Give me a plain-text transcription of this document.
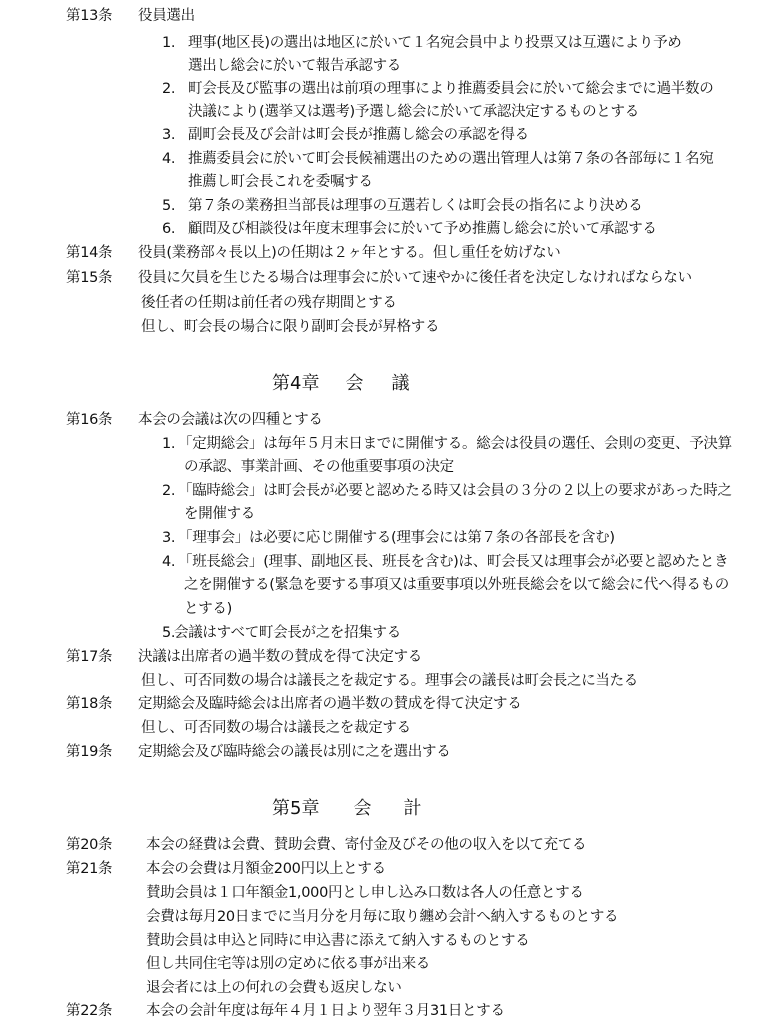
第13条 役員選出
1. 理事(地区長)の選出は地区に於いて１名宛会員中より投票又は互選により予め
選出し総会に於いて報告承認する
2. 町会長及び監事の選出は前項の理事により推薦委員会に於いて総会までに過半数の
決議により(選挙又は選考)予選し総会に於いて承認決定するものとする
3. 副町会長及び会計は町会長が推薦し総会の承認を得る
4. 推薦委員会に於いて町会長候補選出のための選出管理人は第７条の各部毎に１名宛
推薦し町会長これを委嘱する
5. 第７条の業務担当部長は理事の互選若しくは町会長の指名により決める
6. 顧問及び相談役は年度末理事会に於いて予め推薦し総会に於いて承認する
第14条 役員(業務部々長以上)の任期は２ヶ年とする。但し重任を妨げない
第15条 役員に欠員を生じたる場合は理事会に於いて速やかに後任者を決定しなければならない
後任者の任期は前任者の残存期間とする
但し、町会長の場合に限り副町会長が昇格する
第4章 会 議
第16条 本会の会議は次の四種とする
1. 「定期総会」は毎年５月末日までに開催する。総会は役員の選任、会則の変更、予決算
の承認、事業計画、その他重要事項の決定
2. 「臨時総会」は町会長が必要と認めたる時又は会員の３分の２以上の要求があった時之
を開催する
3. 「理事会」は必要に応じ開催する(理事会には第７条の各部長を含む)
4. 「班長総会」(理事、副地区長、班長を含む)は、町会長又は理事会が必要と認めたとき
之を開催する(緊急を要する事項又は重要事項以外班長総会を以て総会に代へ得るもの
とする)
5.会議はすべて町会長が之を招集する
第17条 決議は出席者の過半数の賛成を得て決定する
但し、可否同数の場合は議長之を裁定する。理事会の議長は町会長之に当たる
第18条 定期総会及臨時総会は出席者の過半数の賛成を得て決定する
但し、可否同数の場合は議長之を裁定する
第19条 定期総会及び臨時総会の議長は別に之を選出する
第5章 会 計
第20条 本会の経費は会費、賛助会費、寄付金及びその他の収入を以て充てる
第21条 本会の会費は月額金200円以上とする
賛助会員は１口年額金1,000円とし申し込み口数は各人の任意とする
会費は毎月20日までに当月分を月毎に取り纏め会計へ納入するものとする
賛助会員は申込と同時に申込書に添えて納入するものとする
但し共同住宅等は別の定めに依る事が出来る
退会者には上の何れの会費も返戻しない
第22条 本会の会計年度は毎年４月１日より翌年３月31日とする
